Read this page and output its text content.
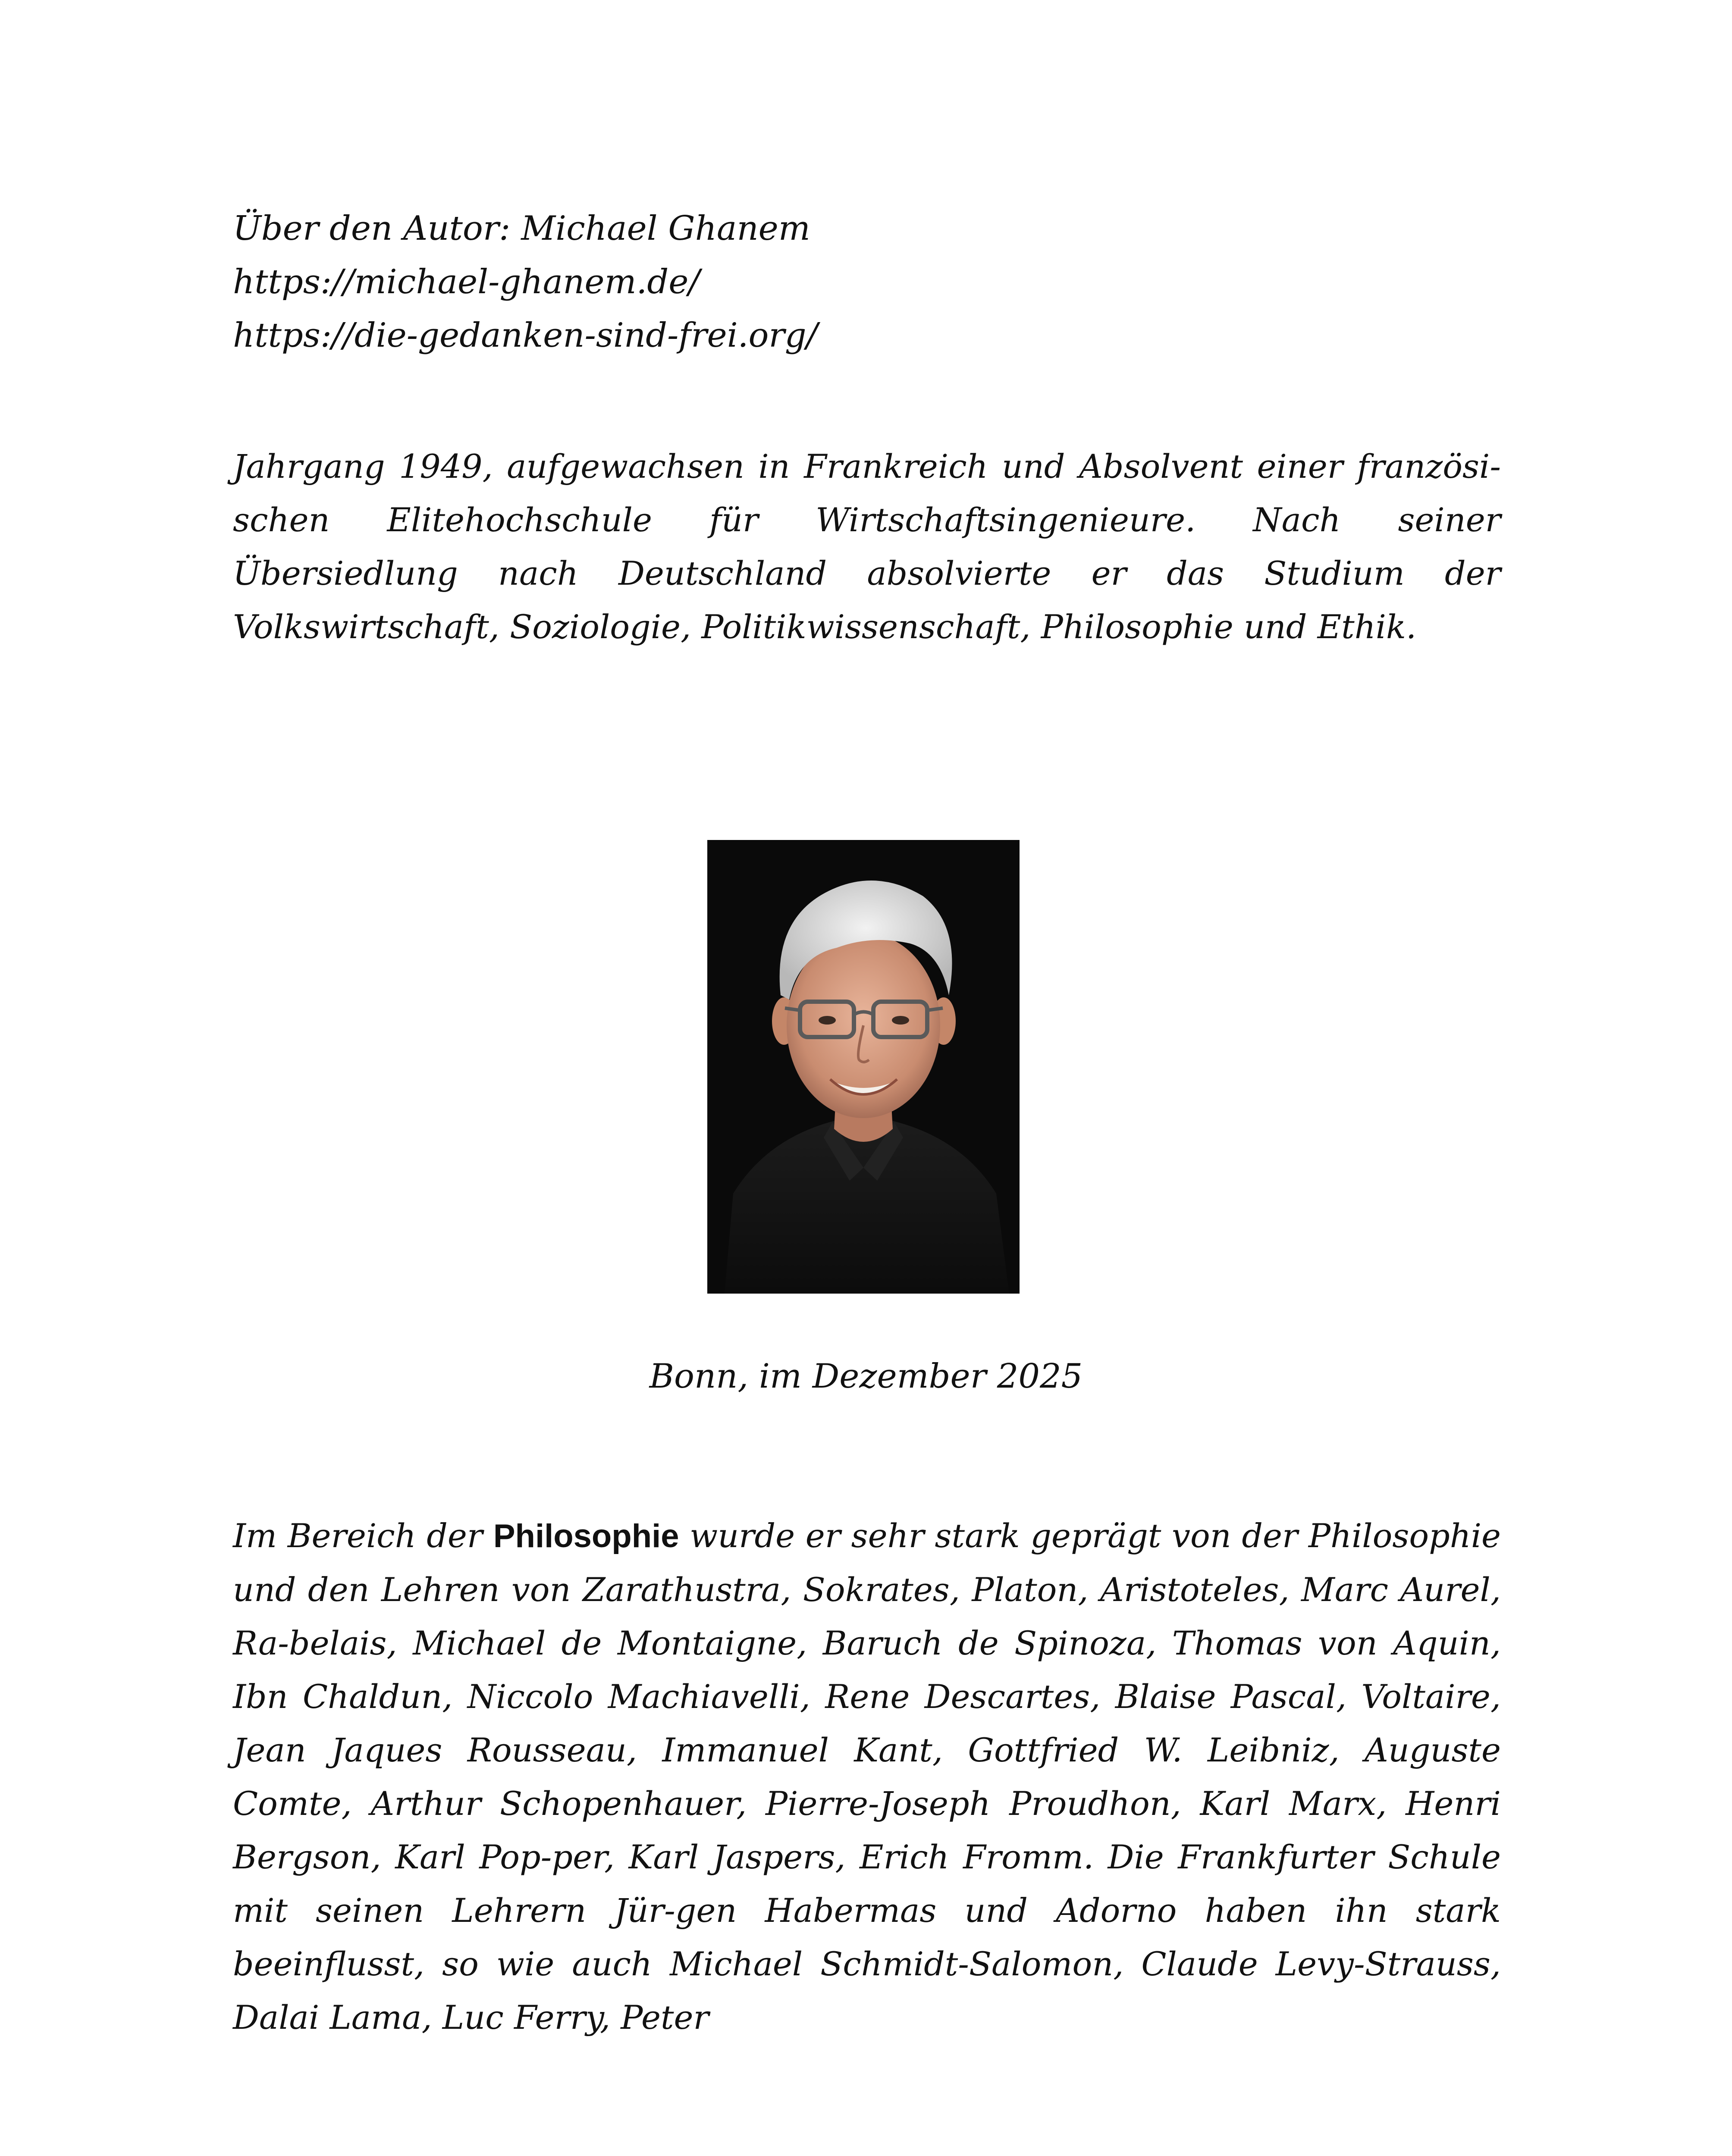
Über den Autor: Michael Ghanem
https://michael-ghanem.de/
https://die-gedanken-sind-frei.org/
Jahrgang 1949, aufgewachsen in Frankreich und Absolvent einer französi-schen Elitehochschule für Wirtschaftsingenieure. Nach seiner Übersiedlung nach Deutschland absolvierte er das Studium der Volkswirtschaft, Soziologie, Politikwissenschaft, Philosophie und Ethik.
Bonn, im Dezember 2025
Im Bereich der Philosophie wurde er sehr stark geprägt von der Philosophie und den Lehren von Zarathustra, Sokrates, Platon, Aristoteles, Marc Aurel, Ra-belais, Michael de Montaigne, Baruch de Spinoza, Thomas von Aquin, Ibn Chaldun, Niccolo Machiavelli, Rene Descartes, Blaise Pascal, Voltaire, Jean Jaques Rousseau, Immanuel Kant, Gottfried W. Leibniz, Auguste Comte, Arthur Schopenhauer, Pierre-Joseph Proudhon, Karl Marx, Henri Bergson, Karl Pop-per, Karl Jaspers, Erich Fromm. Die Frankfurter Schule mit seinen Lehrern Jür-gen Habermas und Adorno haben ihn stark beeinflusst, so wie auch Michael Schmidt-Salomon, Claude Levy-Strauss, Dalai Lama, Luc Ferry, Peter
